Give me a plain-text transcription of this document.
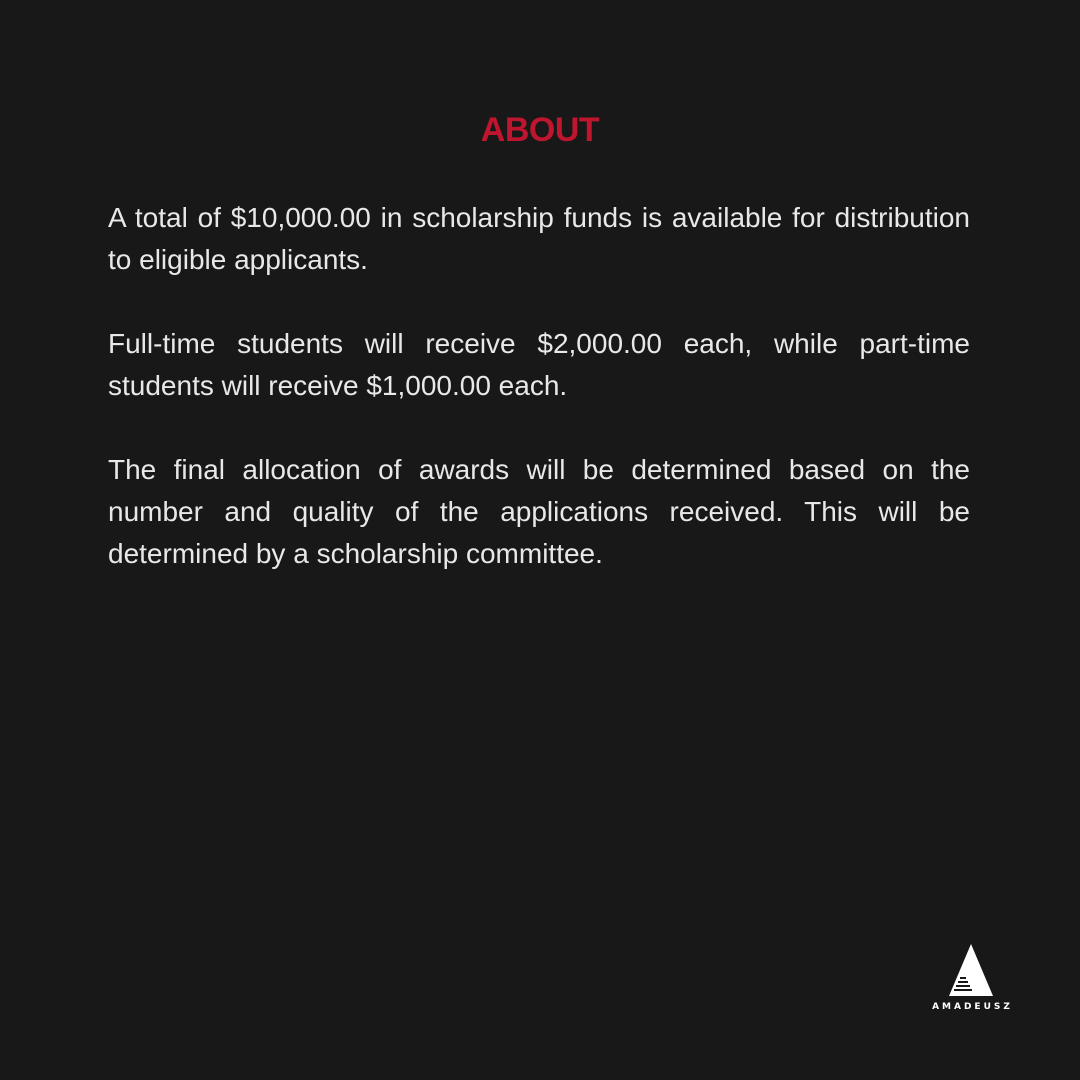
ABOUT

A total of $10,000.00 in scholarship funds is available for distribution to eligible applicants.

Full-time students will receive $2,000.00 each, while part-time students will receive $1,000.00 each.

The final allocation of awards will be determined based on the number and quality of the applications received. This will be determined by a scholarship committee.

AMADEUSZ
